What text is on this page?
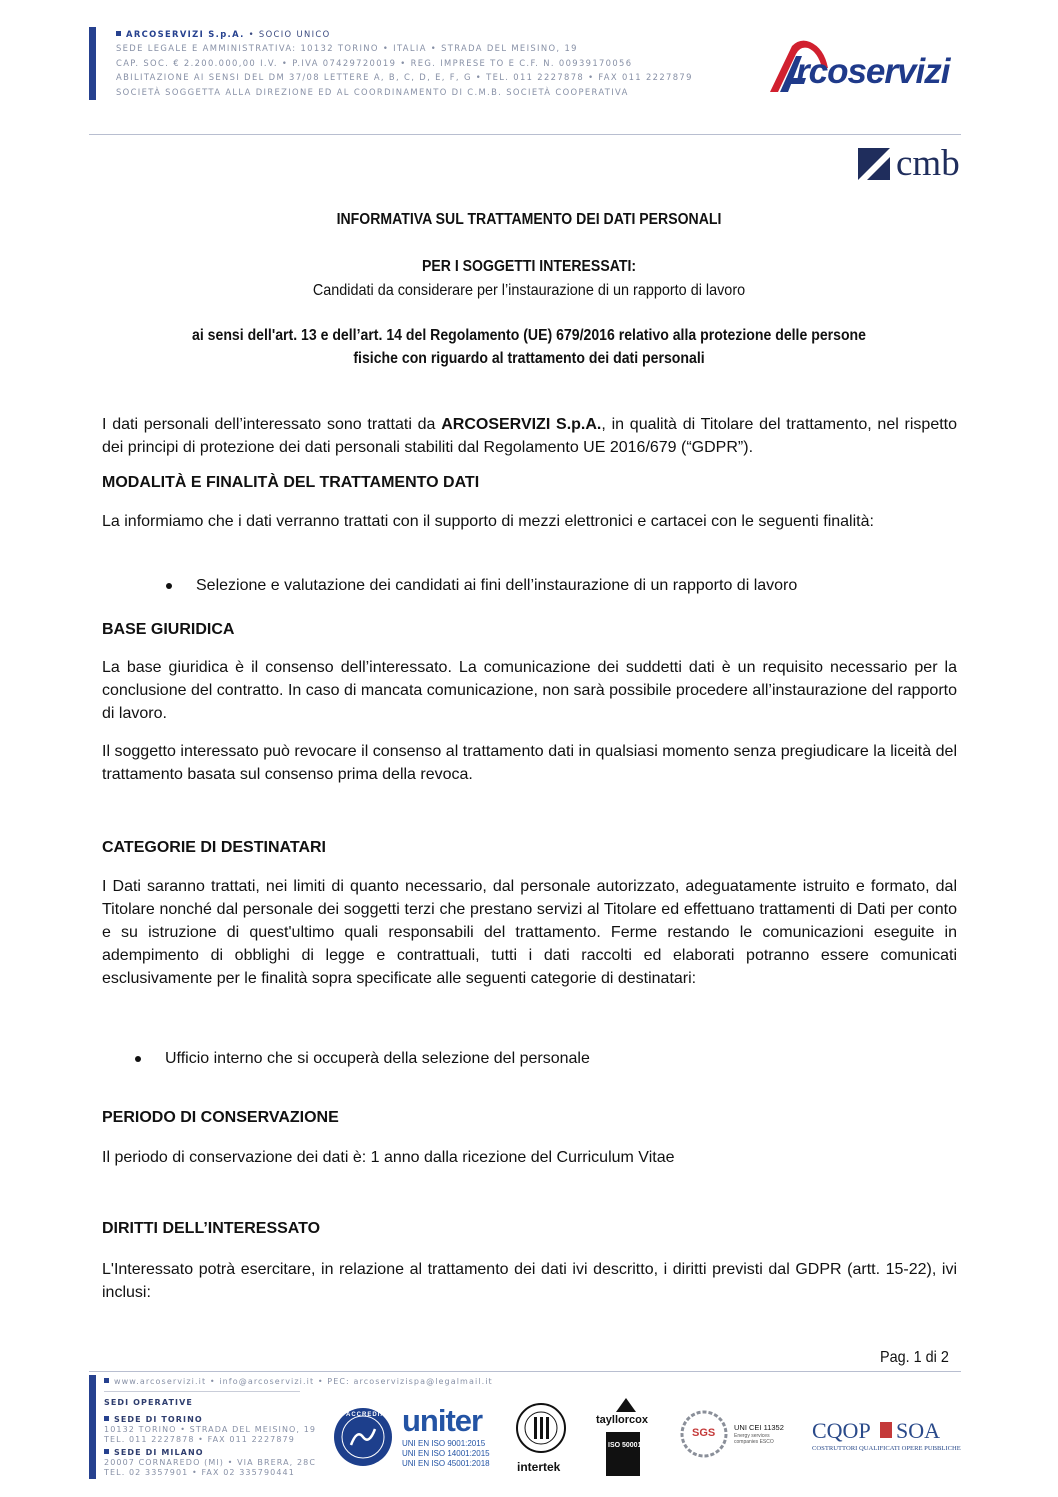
ARCOSERVIZI S.p.A. • SOCIO UNICO
SEDE LEGALE E AMMINISTRATIVA: 10132 TORINO • ITALIA • STRADA DEL MEISINO, 19
CAP. SOC. € 2.200.000,00 I.V. • P.IVA 07429720019 • REG. IMPRESE TO E C.F. N. 00939170056
ABILITAZIONE AI SENSI DEL DM 37/08 LETTERE A, B, C, D, E, F, G • TEL. 011 2227878 • FAX 011 2227879
SOCIETÀ SOGGETTA ALLA DIREZIONE ED AL COORDINAMENTO DI C.M.B. SOCIETÀ COOPERATIVA
rcoservizi
cmb
INFORMATIVA SUL TRATTAMENTO DEI DATI PERSONALI
PER I SOGGETTI INTERESSATI:
Candidati da considerare per l’instaurazione di un rapporto di lavoro
ai sensi dell'art. 13 e dell’art. 14 del Regolamento (UE) 679/2016 relativo alla protezione delle persone
fisiche con riguardo al trattamento dei dati personali
I dati personali dell’interessato sono trattati da ARCOSERVIZI S.p.A., in qualità di Titolare del trattamento, nel rispetto dei principi di protezione dei dati personali stabiliti dal Regolamento UE 2016/679 (“GDPR”).
MODALITÀ E FINALITÀ DEL TRATTAMENTO DATI
La informiamo che i dati verranno trattati con il supporto di mezzi elettronici e cartacei con le seguenti finalità:
Selezione e valutazione dei candidati ai fini dell’instaurazione di un rapporto di lavoro
BASE GIURIDICA
La base giuridica è il consenso dell’interessato. La comunicazione dei suddetti dati è un requisito necessario per la conclusione del contratto. In caso di mancata comunicazione, non sarà possibile procedere all’instaurazione del rapporto di lavoro.
Il soggetto interessato può revocare il consenso al trattamento dati in qualsiasi momento senza pregiudicare la liceità del trattamento basata sul consenso prima della revoca.
CATEGORIE DI DESTINATARI
I Dati saranno trattati, nei limiti di quanto necessario, dal personale autorizzato, adeguatamente istruito e formato, dal Titolare nonché dal personale dei soggetti terzi che prestano servizi al Titolare ed effettuano trattamenti di Dati per conto e su istruzione di quest'ultimo quali responsabili del trattamento. Ferme restando le comunicazioni eseguite in adempimento di obblighi di legge e contrattuali, tutti i dati raccolti ed elaborati potranno essere comunicati esclusivamente per le finalità sopra specificate alle seguenti categorie di destinatari:
Ufficio interno che si occuperà della selezione del personale
PERIODO DI CONSERVAZIONE
Il periodo di conservazione dei dati è: 1 anno dalla ricezione del Curriculum Vitae
DIRITTI DELL’INTERESSATO
L'Interessato potrà esercitare, in relazione al trattamento dei dati ivi descritto, i diritti previsti dal GDPR (artt. 15-22), ivi inclusi:
Pag. 1 di 2
www.arcoservizi.it • info@arcoservizi.it • PEC: arcoservizispa@legalmail.it
SEDI OPERATIVE
SEDE DI TORINO
10132 TORINO • STRADA DEL MEISINO, 19
TEL. 011 2227878 • FAX 011 2227879
SEDE DI MILANO
20007 CORNAREDO (MI) • VIA BRERA, 28C
TEL. 02 3357901 • FAX 02 335790441
ACCREDIA uniter
UNI EN ISO 9001:2015
UNI EN ISO 14001:2015
UNI EN ISO 45001:2018 intertek
tayllorcox
ISO 50001
SGS	UNI CEI 11352
Energy services companies ESCO	CQOP SOA
COSTRUTTORI QUALIFICATI OPERE PUBBLICHE
